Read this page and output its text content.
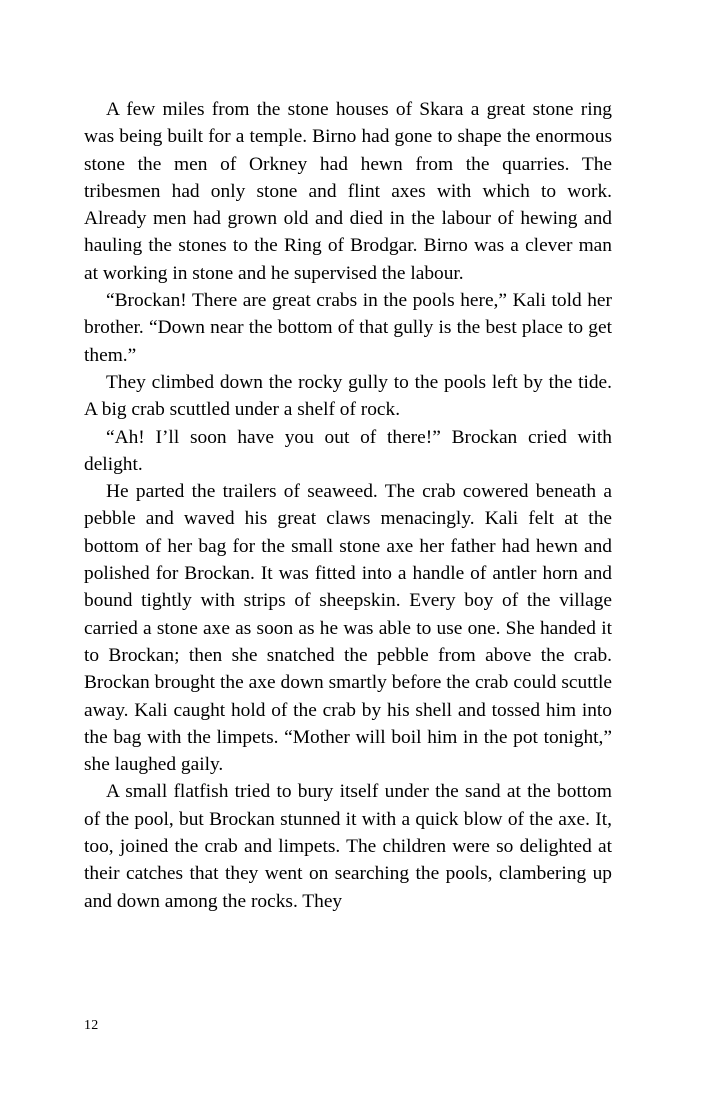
A few miles from the stone houses of Skara a great stone ring was being built for a temple. Birno had gone to shape the enormous stone the men of Orkney had hewn from the quarries. The tribesmen had only stone and flint axes with which to work. Already men had grown old and died in the labour of hewing and hauling the stones to the Ring of Brodgar. Birno was a clever man at working in stone and he supervised the labour.

“Brockan! There are great crabs in the pools here,” Kali told her brother. “Down near the bottom of that gully is the best place to get them.”

They climbed down the rocky gully to the pools left by the tide. A big crab scuttled under a shelf of rock.

“Ah! I’ll soon have you out of there!” Brockan cried with delight.

He parted the trailers of seaweed. The crab cowered beneath a pebble and waved his great claws menacingly. Kali felt at the bottom of her bag for the small stone axe her father had hewn and polished for Brockan. It was fitted into a handle of antler horn and bound tightly with strips of sheepskin. Every boy of the village carried a stone axe as soon as he was able to use one. She handed it to Brockan; then she snatched the pebble from above the crab. Brockan brought the axe down smartly before the crab could scuttle away. Kali caught hold of the crab by his shell and tossed him into the bag with the limpets. “Mother will boil him in the pot tonight,” she laughed gaily.

A small flatfish tried to bury itself under the sand at the bottom of the pool, but Brockan stunned it with a quick blow of the axe. It, too, joined the crab and limpets. The children were so delighted at their catches that they went on searching the pools, clambering up and down among the rocks. They

12
